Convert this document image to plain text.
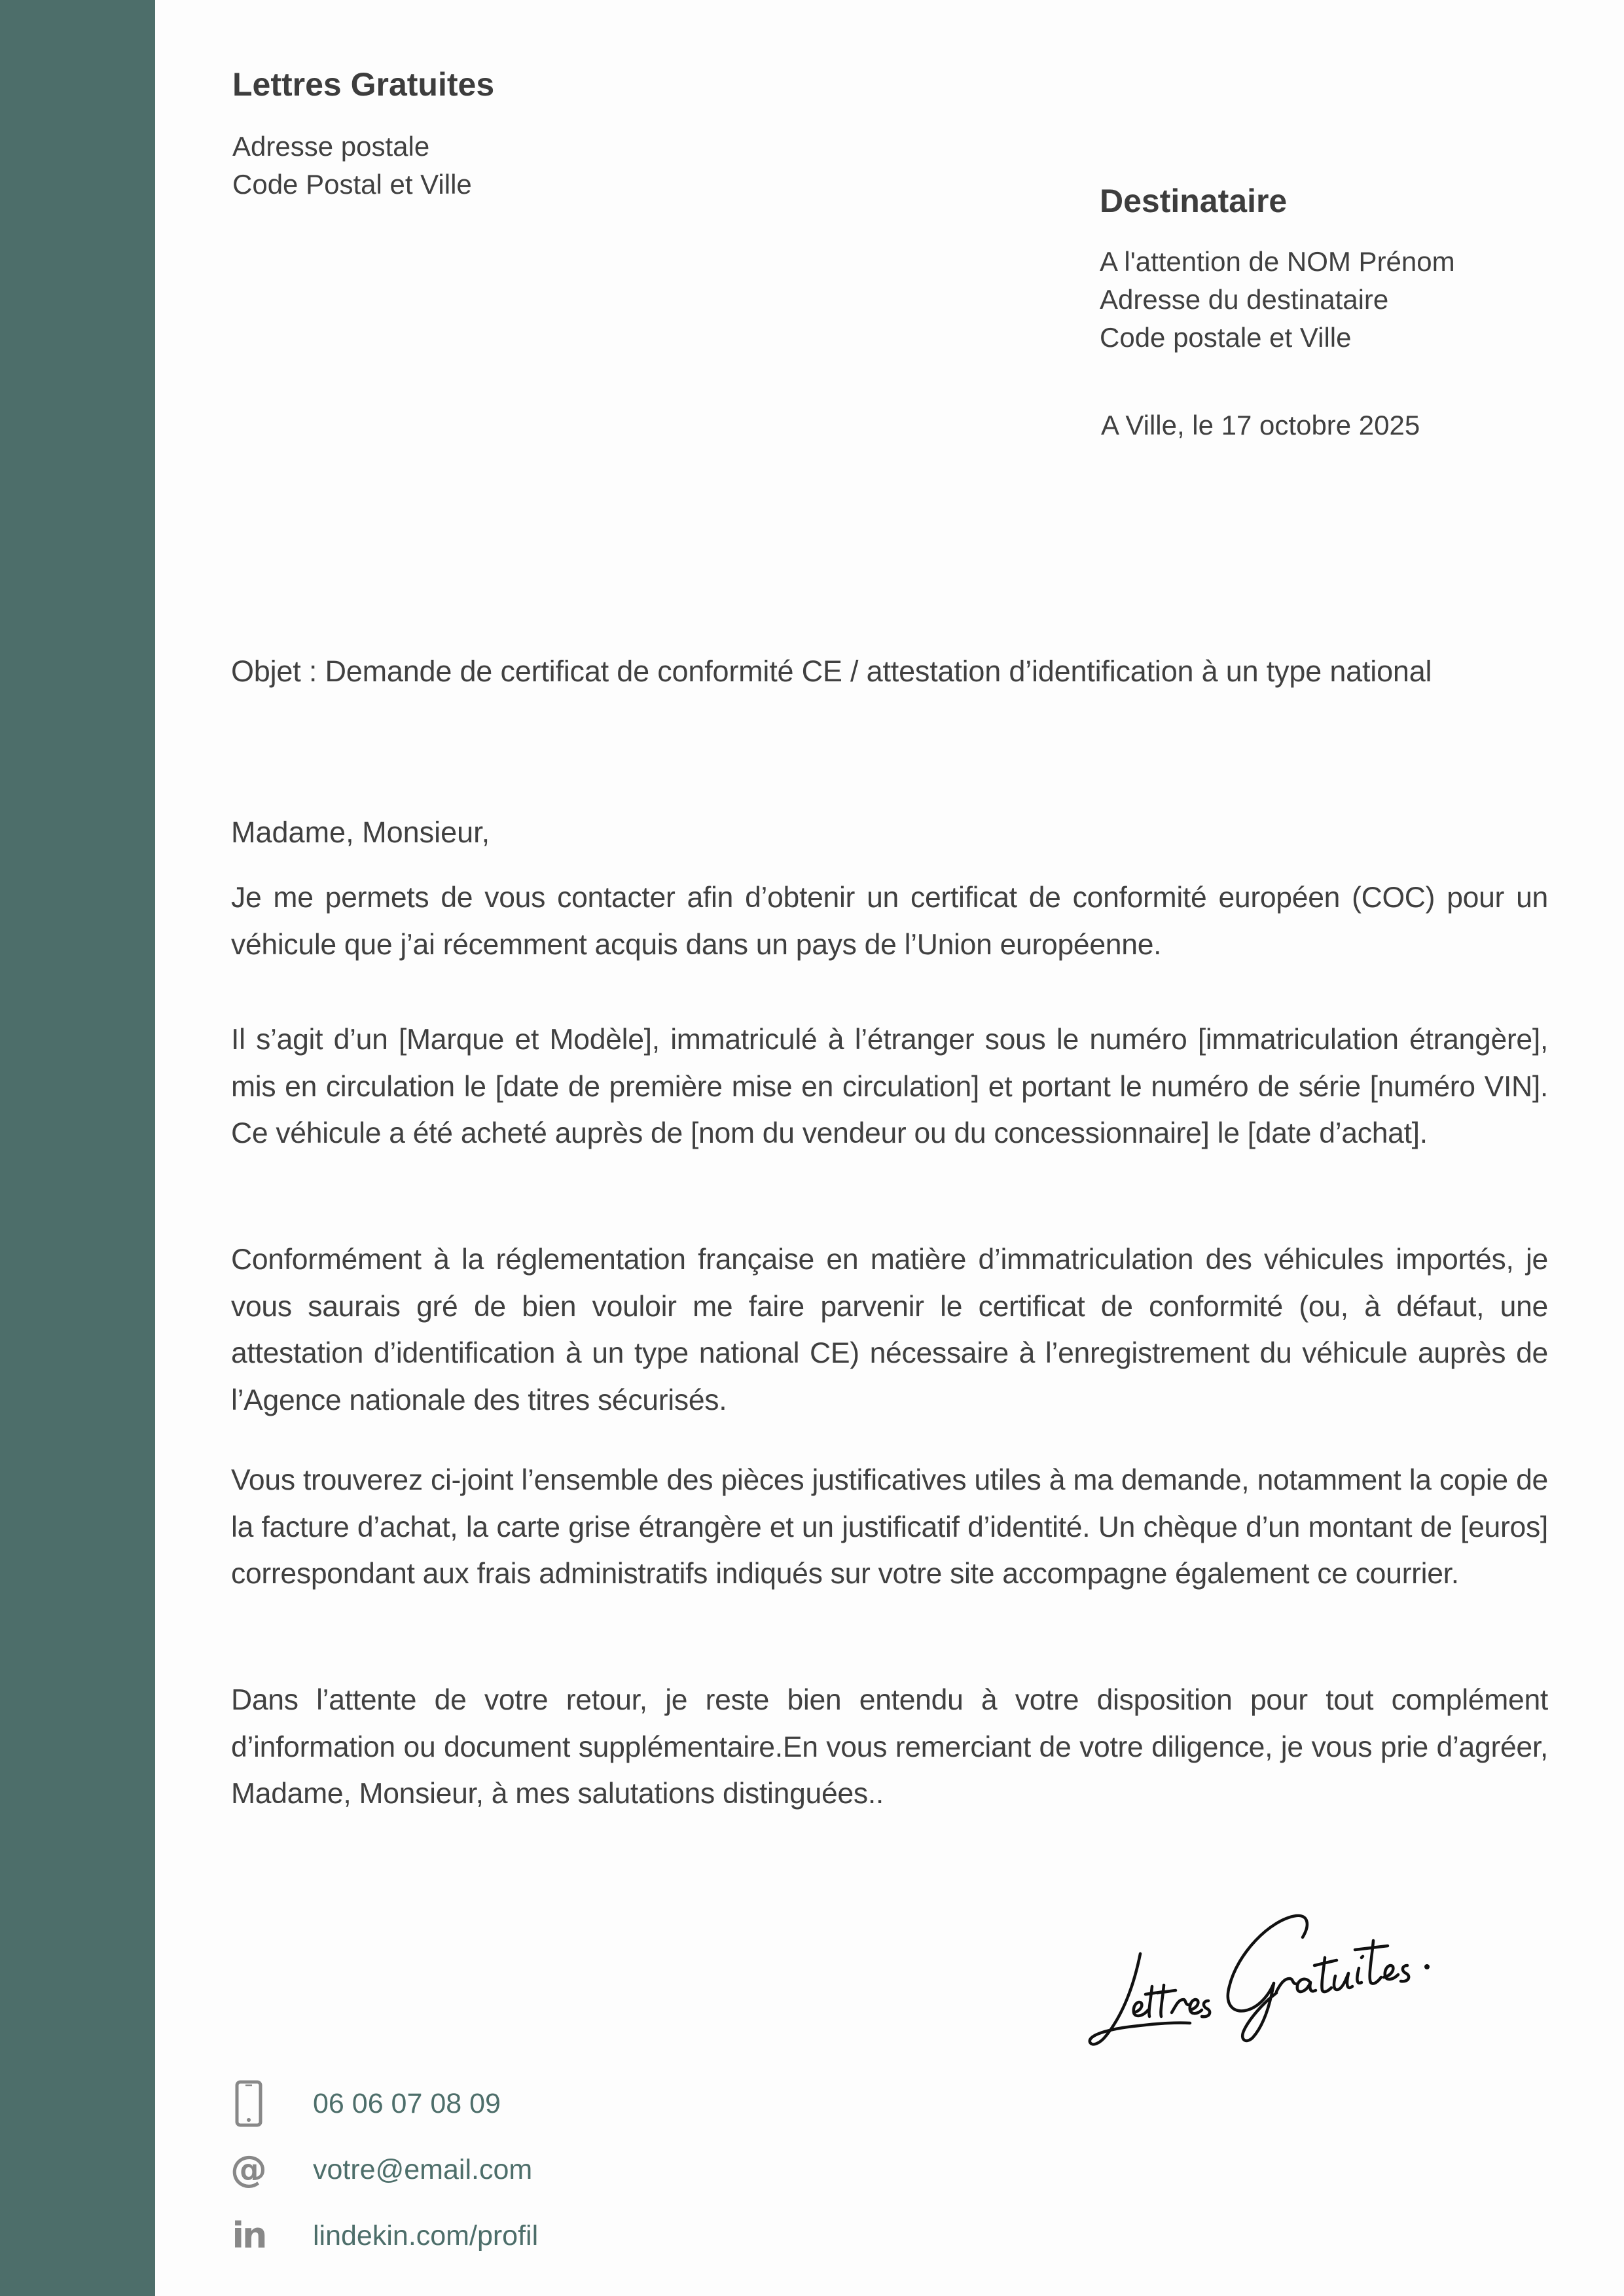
Lettres Gratuites
Adresse postale
Code Postal et Ville	Destinataire
A l'attention de NOM Prénom
Adresse du destinataire
Code postale et Ville
A Ville, le 17 octobre 2025
Objet : Demande de certificat de conformité CE / attestation d’identification à un type national
Madame, Monsieur,

Je me permets de vous contacter afin d’obtenir un certificat de conformité européen (COC) pour un véhicule que j’ai récemment acquis dans un pays de l’Union européenne.

Il s’agit d’un [Marque et Modèle], immatriculé à l’étranger sous le numéro [immatriculation étrangère], mis en circulation le [date de première mise en circulation] et portant le numéro de série [numéro VIN]. Ce véhicule a été acheté auprès de [nom du vendeur ou du concessionnaire] le [date d’achat].

Conformément à la réglementation française en matière d’immatriculation des véhicules importés, je vous saurais gré de bien vouloir me faire parvenir le certificat de conformité (ou, à défaut, une attestation d’identification à un type national CE) nécessaire à l’enregistrement du véhicule auprès de l’Agence nationale des titres sécurisés.

Vous trouverez ci-joint l’ensemble des pièces justificatives utiles à ma demande, notamment la copie de la facture d’achat, la carte grise étrangère et un justificatif d’identité. Un chèque d’un montant de [euros] correspondant aux frais administratifs indiqués sur votre site accompagne également ce courrier.

Dans l’attente de votre retour, je reste bien entendu à votre disposition pour tout complément d’information ou document supplémentaire.En vous remerciant de votre diligence, je vous prie d’agréer, Madame, Monsieur, à mes salutations distinguées..

06 06 07 08 09
@ votre@email.com
in lindekin.com/profil
